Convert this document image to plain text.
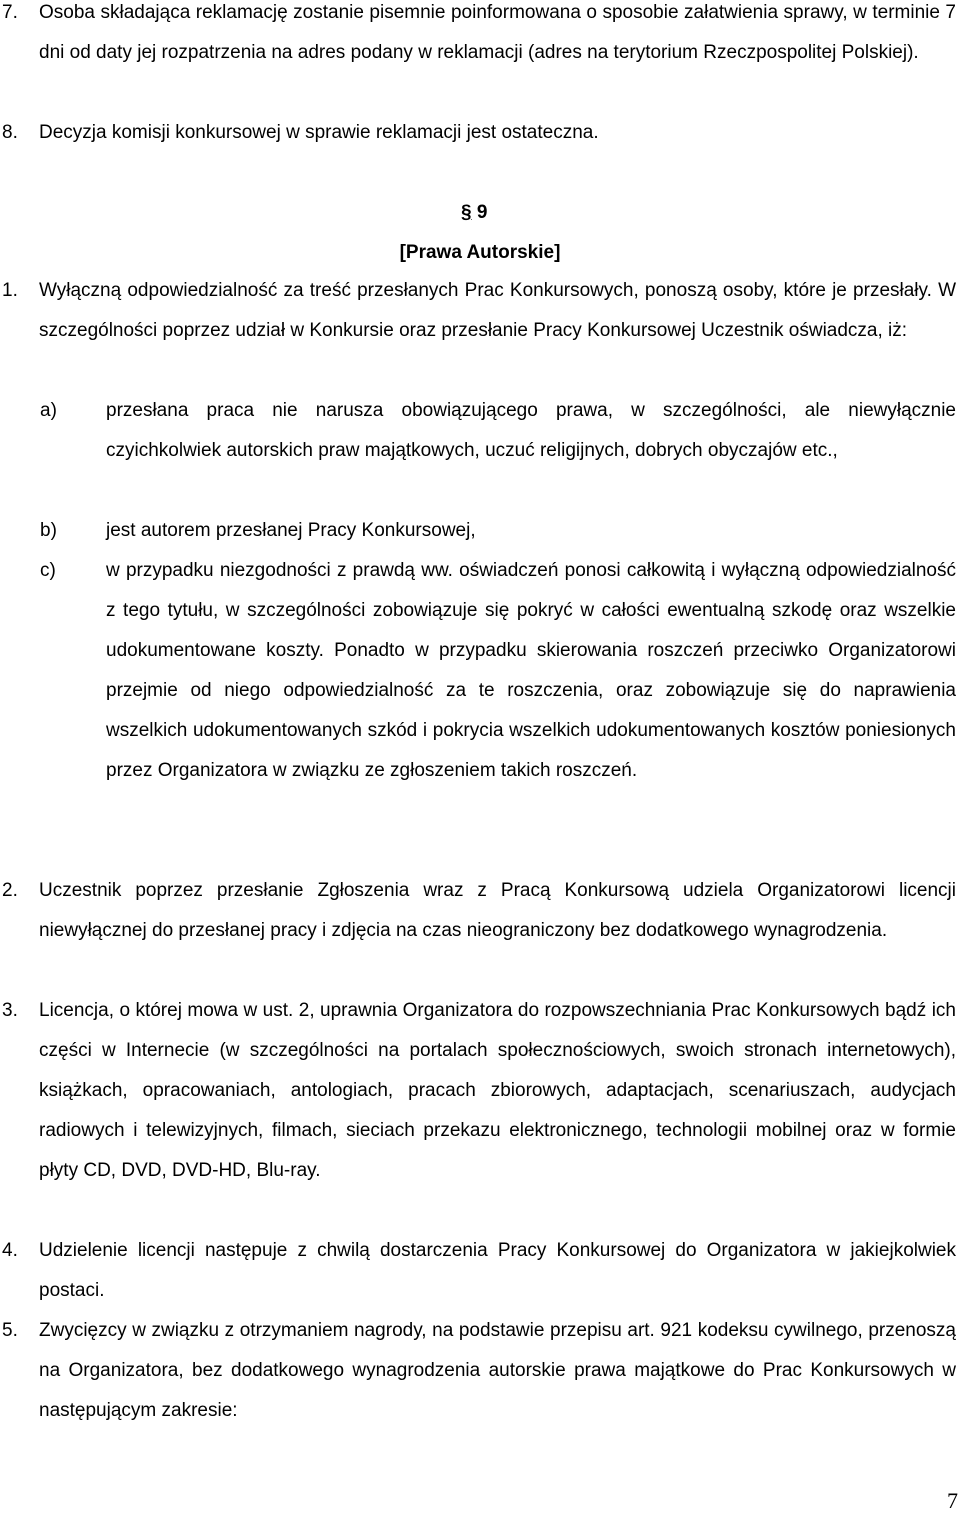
7.	Osoba składająca reklamację zostanie pisemnie poinformowana o sposobie załatwienia sprawy, w terminie 7 dni od daty jej rozpatrzenia na adres podany w reklamacji (adres na terytorium Rzeczpospolitej Polskiej).
8.	Decyzja komisji konkursowej w sprawie reklamacji jest ostateczna.
§ 9
[Prawa Autorskie]
1.	Wyłączną odpowiedzialność za treść przesłanych Prac Konkursowych, ponoszą osoby, które je przesłały. W szczególności poprzez udział w Konkursie oraz przesłanie Pracy Konkursowej Uczestnik oświadcza, iż:
a)	przesłana praca nie narusza obowiązującego prawa, w szczególności, ale niewyłącznie czyichkolwiek autorskich praw majątkowych, uczuć religijnych, dobrych obyczajów etc.,
b)	jest autorem przesłanej Pracy Konkursowej,
c)	w przypadku niezgodności z prawdą ww. oświadczeń ponosi całkowitą i wyłączną odpowiedzialność z tego tytułu, w szczególności zobowiązuje się pokryć w całości ewentualną szkodę oraz wszelkie udokumentowane koszty. Ponadto w przypadku skierowania roszczeń przeciwko Organizatorowi przejmie od niego odpowiedzialność za te roszczenia, oraz zobowiązuje się do naprawienia wszelkich udokumentowanych szkód i pokrycia wszelkich udokumentowanych kosztów poniesionych przez Organizatora w związku ze zgłoszeniem takich roszczeń.
2.	Uczestnik poprzez przesłanie Zgłoszenia wraz z Pracą Konkursową udziela Organizatorowi licencji niewyłącznej do przesłanej pracy i zdjęcia na czas nieograniczony bez dodatkowego wynagrodzenia.
3.	Licencja, o której mowa w ust. 2, uprawnia Organizatora do rozpowszechniania Prac Konkursowych bądź ich części w Internecie (w szczególności na portalach społecznościowych, swoich stronach internetowych), książkach, opracowaniach, antologiach, pracach zbiorowych, adaptacjach, scenariuszach, audycjach radiowych i telewizyjnych, filmach, sieciach przekazu elektronicznego, technologii mobilnej oraz w formie płyty CD, DVD, DVD-HD, Blu-ray.
4.	Udzielenie licencji następuje z chwilą dostarczenia Pracy Konkursowej do Organizatora w jakiejkolwiek postaci.
5.	Zwycięzcy w związku z otrzymaniem nagrody, na podstawie przepisu art. 921 kodeksu cywilnego, przenoszą na Organizatora, bez dodatkowego wynagrodzenia autorskie prawa majątkowe do Prac Konkursowych w następującym zakresie:
7
